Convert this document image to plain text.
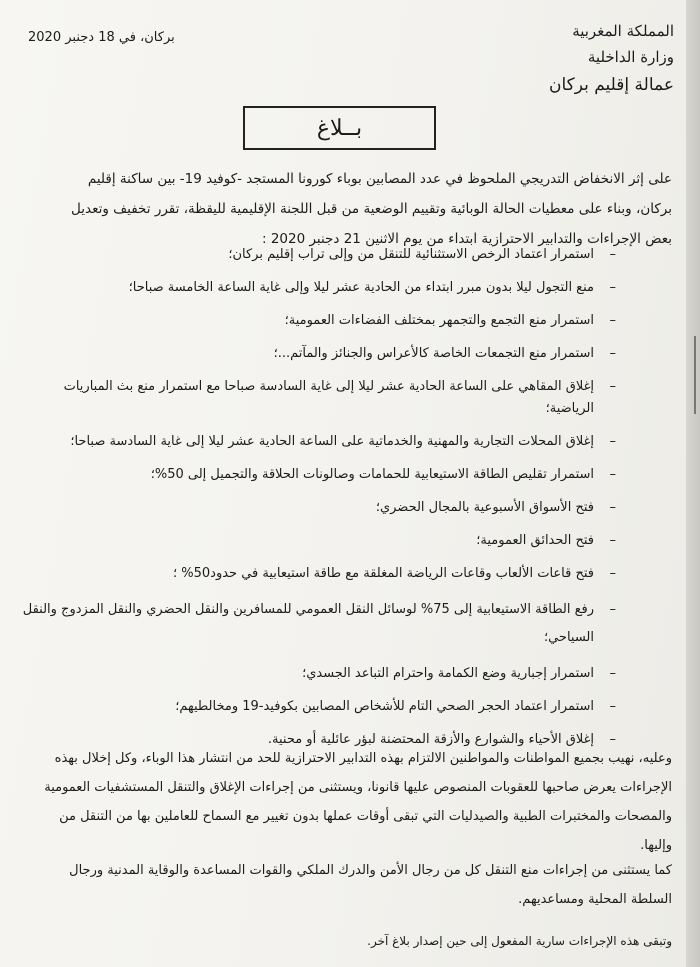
المملكة المغربية
وزارة الداخلية
عمالة إقليم بركان
بركان، في 18 دجنبر 2020
بــلاغ
على إثر الانخفاض التدريجي الملحوظ في عدد المصابين بوباء كورونا المستجد -كوفيد 19- بين ساكنة إقليم بركان، وبناء على معطيات الحالة الوبائية وتقييم الوضعية من قبل اللجنة الإقليمية لليقظة، تقرر تخفيف وتعديل بعض الإجراءات والتدابير الاحترازية ابتداء من يوم الاثنين 21 دجنبر 2020 :
–
استمرار اعتماد الرخص الاستثنائية للتنقل من وإلى تراب إقليم بركان؛
–
منع التجول ليلا بدون مبرر ابتداء من الحادية عشر ليلا وإلى غاية الساعة الخامسة صباحا؛
–
استمرار منع التجمع والتجمهر بمختلف الفضاءات العمومية؛
–
استمرار منع التجمعات الخاصة كالأعراس والجنائز والمآتم...؛
–
إغلاق المقاهي على الساعة الحادية عشر ليلا إلى غاية السادسة صباحا مع استمرار منع بث المباريات الرياضية؛
–
إغلاق المحلات التجارية والمهنية والخدماتية على الساعة الحادية عشر ليلا إلى غاية السادسة صباحا؛
–
استمرار تقليص الطاقة الاستيعابية للحمامات وصالونات الحلاقة والتجميل إلى 50%؛
–
فتح الأسواق الأسبوعية بالمجال الحضري؛
–
فتح الحدائق العمومية؛
–
فتح قاعات الألعاب وقاعات الرياضة المغلقة مع طاقة استيعابية في حدود50% ؛
–
رفع الطاقة الاستيعابية إلى 75% لوسائل النقل العمومي للمسافرين والنقل الحضري والنقل المزدوج والنقل السياحي؛
–
استمرار إجبارية وضع الكمامة واحترام التباعد الجسدي؛
–
استمرار اعتماد الحجر الصحي التام للأشخاص المصابين بكوفيد-19 ومخالطيهم؛
–
إغلاق الأحياء والشوارع والأزقة المحتضنة لبؤر عائلية أو محنية.
وعليه، نهيب بجميع المواطنات والمواطنين الالتزام بهذه التدابير الاحترازية للحد من انتشار هذا الوباء، وكل إخلال بهذه الإجراءات يعرض صاحبها للعقوبات المنصوص عليها قانونا، ويستثنى من إجراءات الإغلاق والتنقل المستشفيات العمومية والمصحات والمختبرات الطبية والصيدليات التي تبقى أوقات عملها بدون تغيير مع السماح للعاملين بها من التنقل من وإليها.
كما يستثنى من إجراءات منع التنقل كل من رجال الأمن والدرك الملكي والقوات المساعدة والوقاية المدنية ورجال السلطة المحلية ومساعديهم.
وتبقى هذه الإجراءات سارية المفعول إلى حين إصدار بلاغ آخر.
